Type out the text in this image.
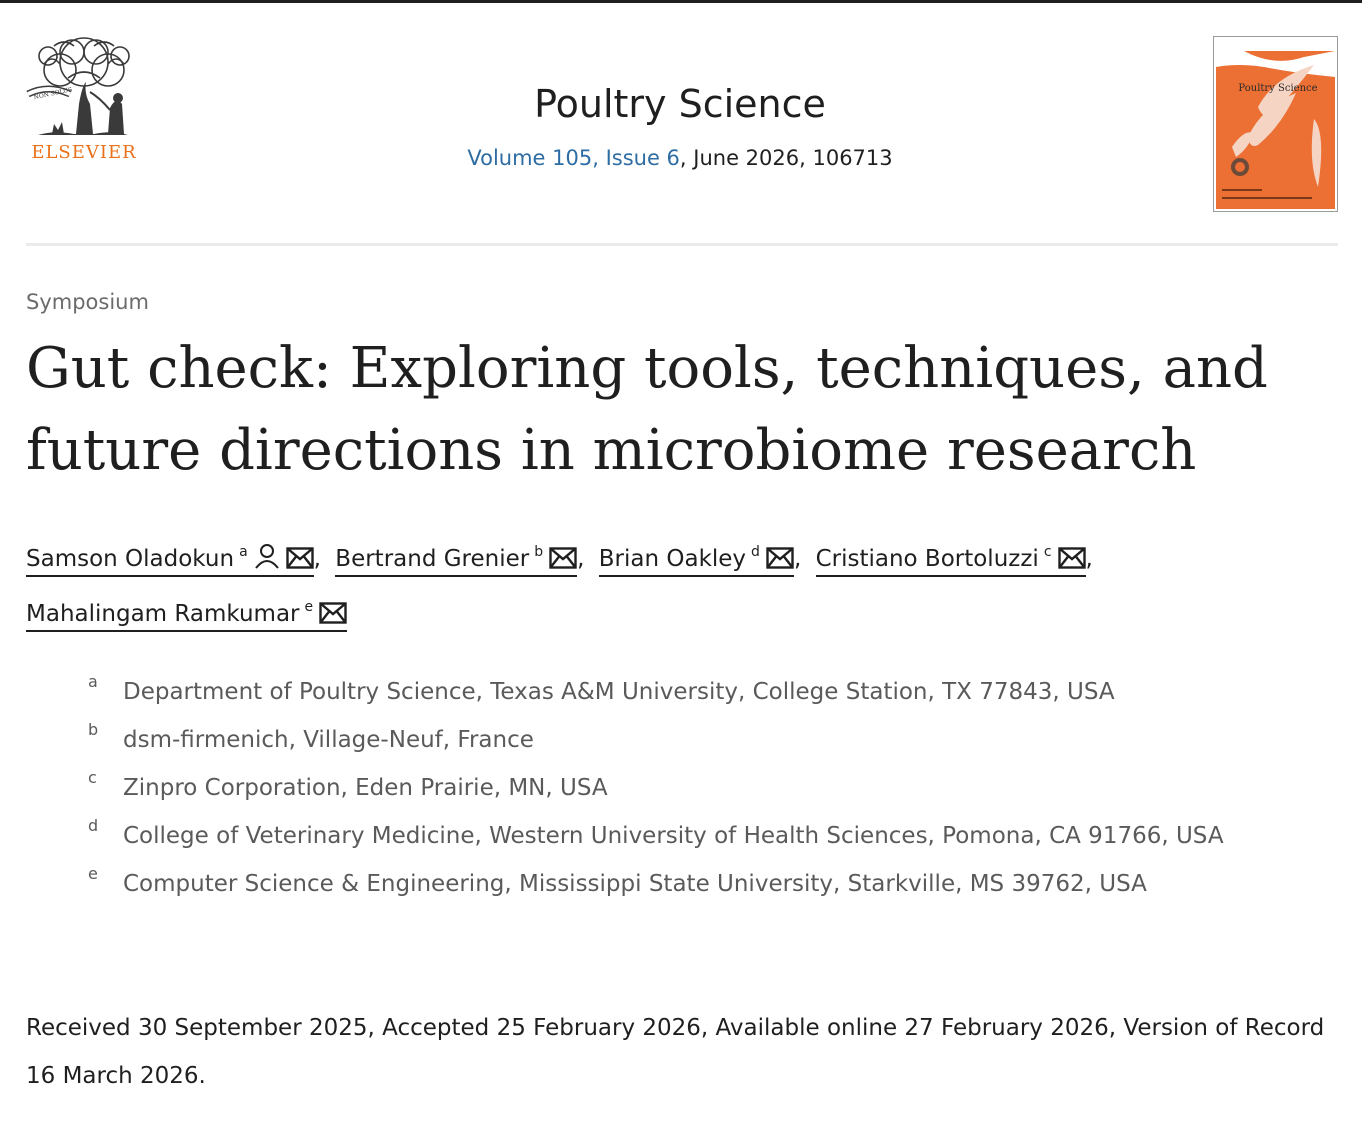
NON SOLUS
ELSEVIER
Poultry Science
Volume 105, Issue 6, June 2026, 106713
Poultry Science
Symposium
Gut check: Exploring tools, techniques, and future directions in microbiome research
Samson Oladokun $^a$	, Bertrand Grenier $^b$ , Brian Oakley $^d$ , Cristiano Bortoluzzi $^c$ , Mahalingam Ramkumar $^e$
a Department of Poultry Science, Texas A&M University, College Station, TX 77843, USA
b dsm-firmenich, Village-Neuf, France
c Zinpro Corporation, Eden Prairie, MN, USA
d College of Veterinary Medicine, Western University of Health Sciences, Pomona, CA 91766, USA
e Computer Science & Engineering, Mississippi State University, Starkville, MS 39762, USA
Received 30 September 2025, Accepted 25 February 2026, Available online 27 February 2026, Version of Record 16 March 2026.
